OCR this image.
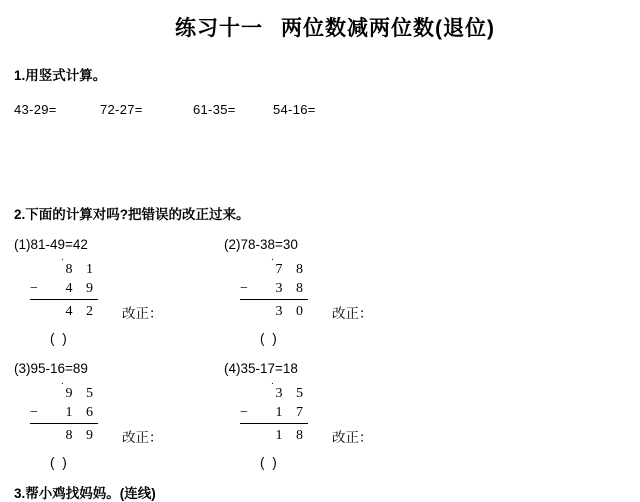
练习十一 两位数减两位数(退位)
1.用竖式计算。
43-29=	72-27=	61-35=	54-16=
2.下面的计算对吗?把错误的改正过来。
(1)81-49=42
٠
8 1
−	4 9
4 2 改正：
( )
(2)78-38=30
٠
7 8
−	3 8
3 0 改正：
( )
(3)95-16=89
٠
9 5
−	1 6
8 9 改正：
( )
(4)35-17=18
٠
3 5
−	1 7
1 8 改正：
( )
3.帮小鸡找妈妈。(连线)
